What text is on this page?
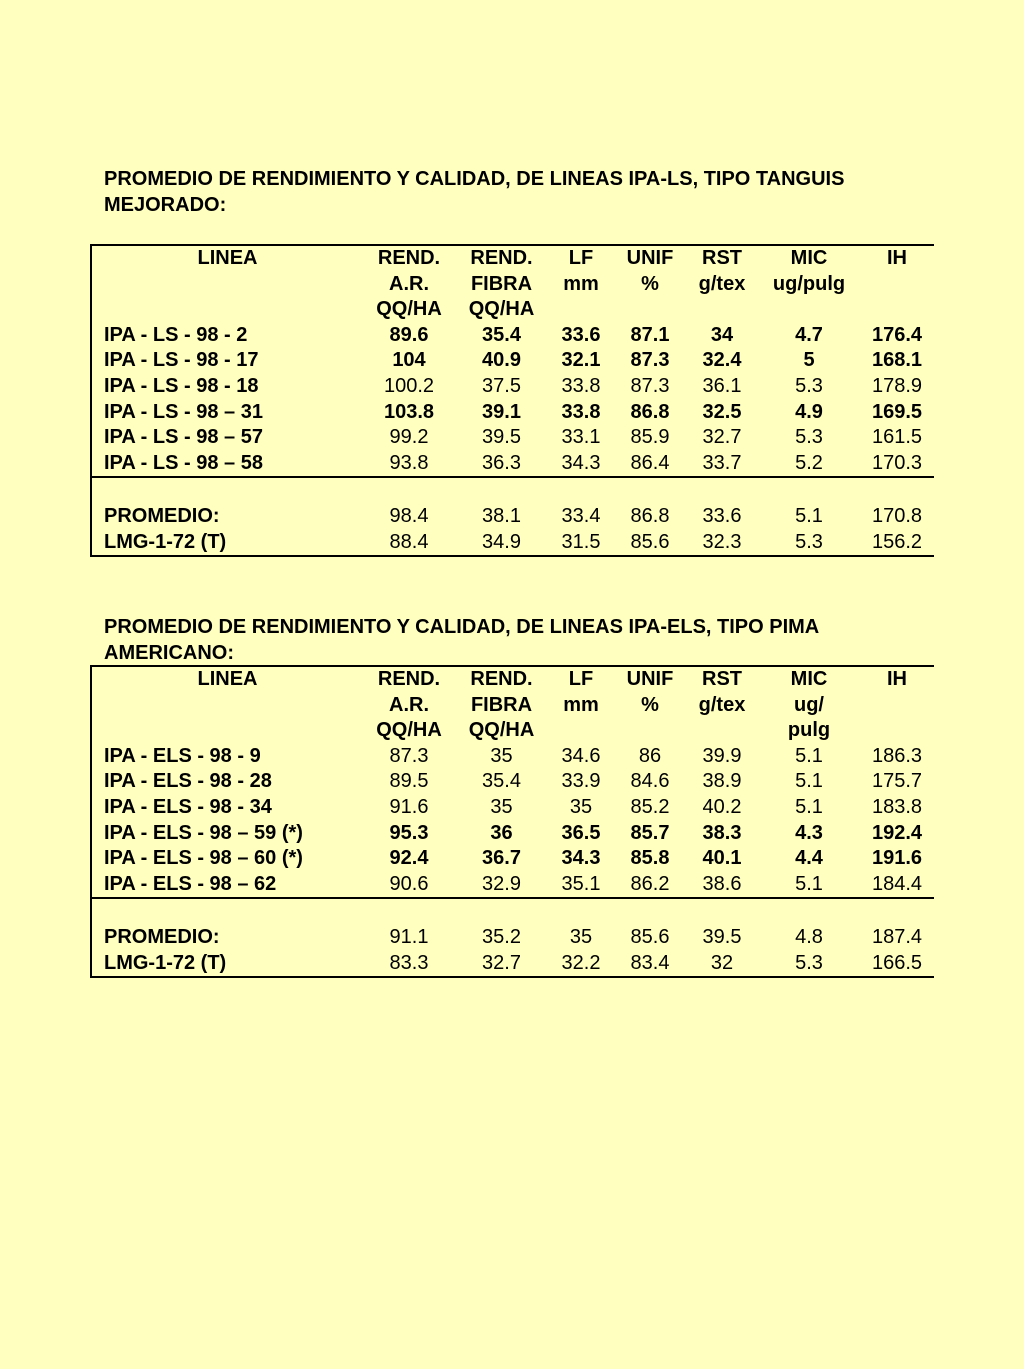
PROMEDIO DE RENDIMIENTO Y CALIDAD, DE LINEAS IPA-LS, TIPO TANGUIS MEJORADO:
LINEA	REND.	REND.	LF	UNIF	RST	MIC	IH
	A.R.	FIBRA	mm	%	g/tex	ug/pulg	
	QQ/HA	QQ/HA					
IPA - LS - 98 - 2	89.6	35.4	33.6	87.1	34	4.7	176.4
IPA - LS - 98 - 17	104	40.9	32.1	87.3	32.4	5	168.1
IPA - LS - 98 - 18	100.2	37.5	33.8	87.3	36.1	5.3	178.9
IPA - LS - 98 – 31	103.8	39.1	33.8	86.8	32.5	4.9	169.5
IPA - LS - 98 – 57	99.2	39.5	33.1	85.9	32.7	5.3	161.5
IPA - LS - 98 – 58	93.8	36.3	34.3	86.4	33.7	5.2	170.3

PROMEDIO:	98.4	38.1	33.4	86.8	33.6	5.1	170.8
LMG-1-72 (T)	88.4	34.9	31.5	85.6	32.3	5.3	156.2
PROMEDIO DE RENDIMIENTO Y CALIDAD, DE LINEAS IPA-ELS, TIPO PIMA AMERICANO:
LINEA	REND.	REND.	LF	UNIF	RST	MIC	IH
	A.R.	FIBRA	mm	%	g/tex	ug/	
	QQ/HA	QQ/HA				pulg	
IPA - ELS - 98 - 9	87.3	35	34.6	86	39.9	5.1	186.3
IPA - ELS - 98 - 28	89.5	35.4	33.9	84.6	38.9	5.1	175.7
IPA - ELS - 98 - 34	91.6	35	35	85.2	40.2	5.1	183.8
IPA - ELS - 98 – 59 (*)	95.3	36	36.5	85.7	38.3	4.3	192.4
IPA - ELS - 98 – 60 (*)	92.4	36.7	34.3	85.8	40.1	4.4	191.6
IPA - ELS - 98 – 62	90.6	32.9	35.1	86.2	38.6	5.1	184.4

PROMEDIO:	91.1	35.2	35	85.6	39.5	4.8	187.4
LMG-1-72 (T)	83.3	32.7	32.2	83.4	32	5.3	166.5
